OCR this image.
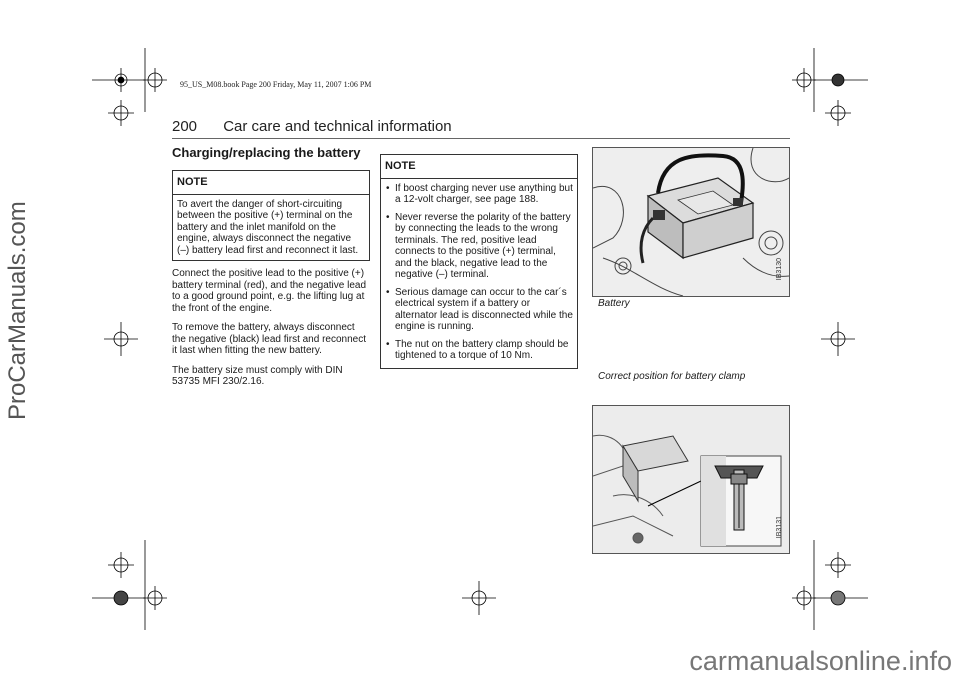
95_US_M08.book Page 200 Friday, May 11, 2007 1:06 PM
200 Car care and technical information
Charging/replacing the battery
NOTE
To avert the danger of short-circuiting between the positive (+) terminal on the battery and the inlet manifold on the engine, always disconnect the negative (–) battery lead first and reconnect it last.

Connect the positive lead to the positive (+) battery terminal (red), and the negative lead to a good ground point, e.g. the lifting lug at the front of the engine.

To remove the battery, always disconnect the negative (black) lead first and reconnect it last when fitting the new battery.

The battery size must comply with DIN 53735 MFI 230/2.16.

NOTE
• If boost charging never use anything but a 12-volt charger, see page 188.
• Never reverse the polarity of the battery by connecting the leads to the wrong terminals. The red, positive lead connects to the positive (+) terminal, and the black, negative lead to the negative (–) terminal.
• Serious damage can occur to the car´s electrical system if a battery or alternator lead is disconnected while the engine is running.
• The nut on the battery clamp should be tightened to a torque of 10 Nm.
IB3130
Battery
Correct position for battery clamp
IB3131
ProCarManuals.com
carmanualsonline.info
